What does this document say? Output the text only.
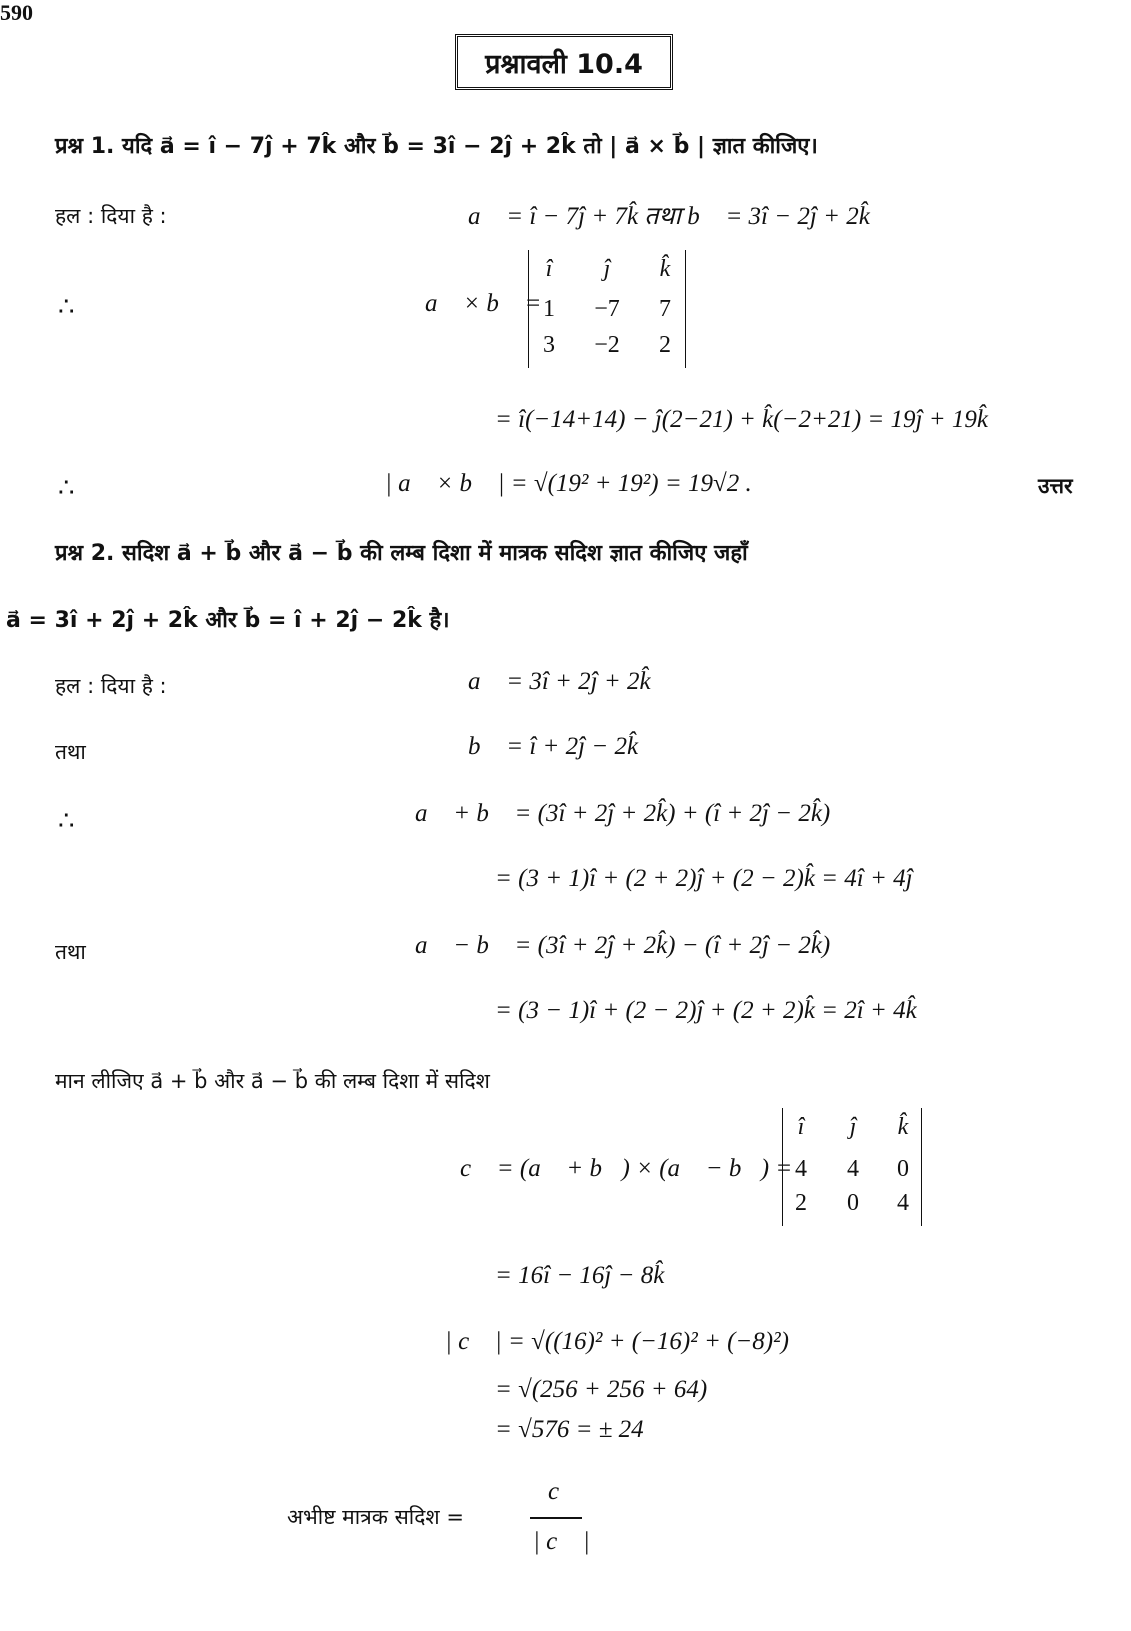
590
प्रश्नावली 10.4
प्रश्न 1. यदि a⃗ = î − 7ĵ + 7k̂ और b⃗ = 3î − 2ĵ + 2k̂ तो | a⃗ × b⃗ | ज्ञात कीजिए।
हल : दिया है :	a⃗ = î − 7ĵ + 7k̂ तथा b⃗ = 3î − 2ĵ + 2k̂
∴	a⃗ × b⃗ =
î	ĵ	k̂
1	−7	7
3	−2	2
= î(−14+14) − ĵ(2−21) + k̂(−2+21) = 19ĵ + 19k̂
∴	| a⃗ × b⃗ | = √(19² + 19²) = 19√2 .	उत्तर
प्रश्न 2. सदिश a⃗ + b⃗ और a⃗ − b⃗ की लम्ब दिशा में मात्रक सदिश ज्ञात कीजिए जहाँ
a⃗ = 3î + 2ĵ + 2k̂ और b⃗ = î + 2ĵ − 2k̂ है।
हल : दिया है :	a⃗ = 3î + 2ĵ + 2k̂
तथा	b⃗ = î + 2ĵ − 2k̂
∴	a⃗ + b⃗ = (3î + 2ĵ + 2k̂) + (î + 2ĵ − 2k̂)
= (3 + 1)î + (2 + 2)ĵ + (2 − 2)k̂ = 4î + 4ĵ
तथा	a⃗ − b⃗ = (3î + 2ĵ + 2k̂) − (î + 2ĵ − 2k̂)
= (3 − 1)î + (2 − 2)ĵ + (2 + 2)k̂ = 2î + 4k̂
मान लीजिए a⃗ + b⃗ और a⃗ − b⃗ की लम्ब दिशा में सदिश
c⃗ = (a⃗ + b⃗) × (a⃗ − b⃗) =
î	ĵ	k̂
4	4	0
2	0	4
= 16î − 16ĵ − 8k̂
| c⃗ | = √((16)² + (−16)² + (−8)²)
= √(256 + 256 + 64)
= √576 = ± 24
अभीष्ट मात्रक सदिश =
c⃗
| c⃗ |
